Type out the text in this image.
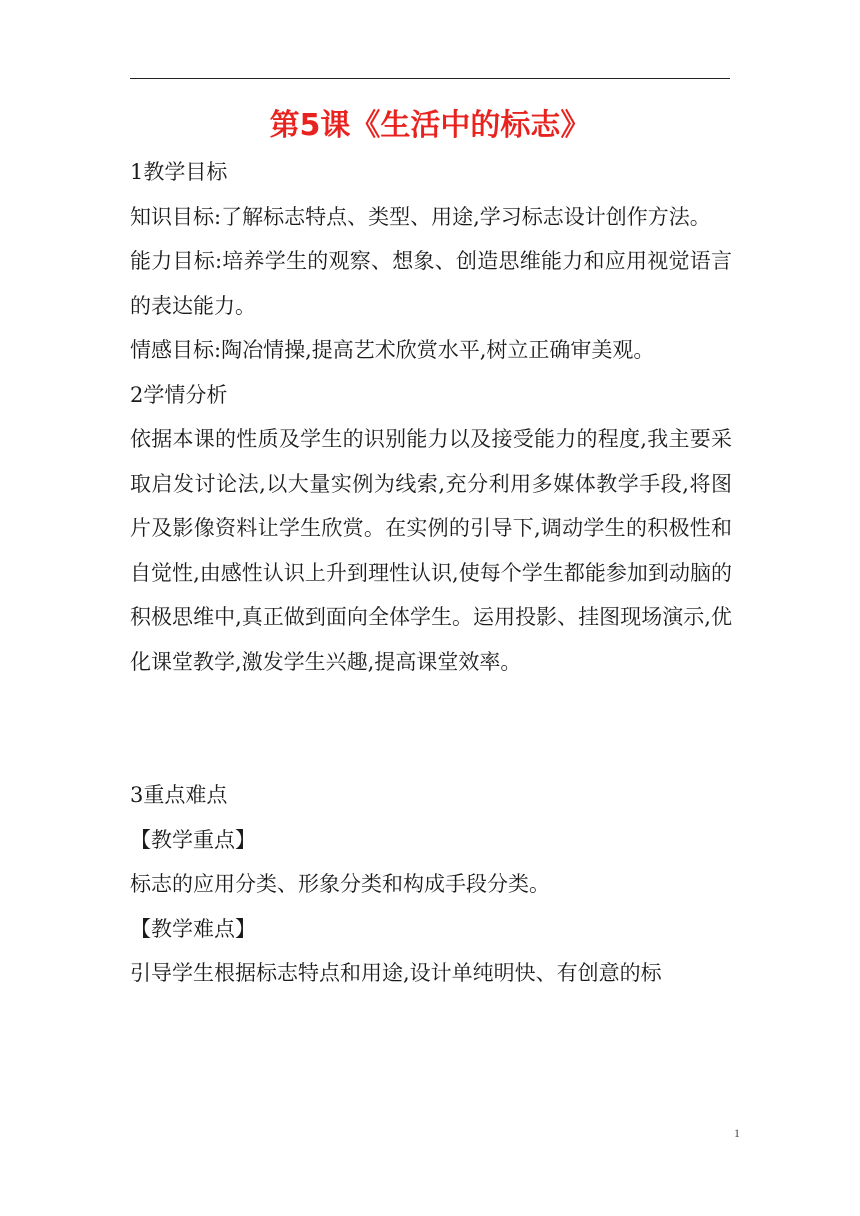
第5课《生活中的标志》

1教学目标

知识目标:了解标志特点、类型、用途,学习标志设计创作方法。

能力目标:培养学生的观察、想象、创造思维能力和应用视觉语言的表达能力。

情感目标:陶冶情操,提高艺术欣赏水平,树立正确审美观。

2学情分析

依据本课的性质及学生的识别能力以及接受能力的程度,我主要采取启发讨论法,以大量实例为线索,充分利用多媒体教学手段,将图片及影像资料让学生欣赏。在实例的引导下,调动学生的积极性和自觉性,由感性认识上升到理性认识,使每个学生都能参加到动脑的积极思维中,真正做到面向全体学生。运用投影、挂图现场演示,优化课堂教学,激发学生兴趣,提高课堂效率。

3重点难点

【教学重点】

标志的应用分类、形象分类和构成手段分类。

【教学难点】

引导学生根据标志特点和用途,设计单纯明快、有创意的标

1
